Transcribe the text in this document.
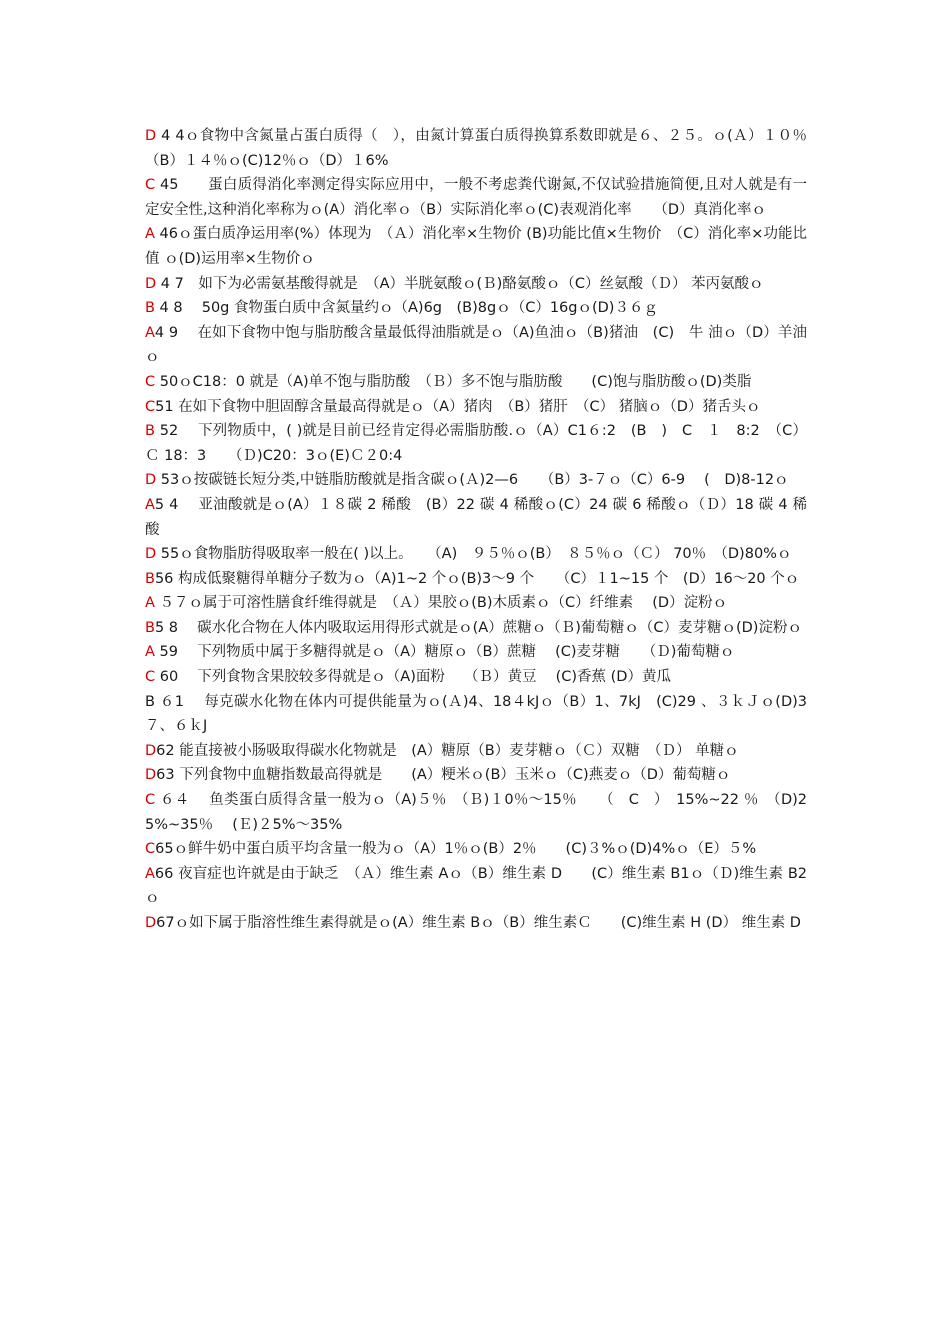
D 4 4ｏ食物中含氮量占蛋白质得（　），由氮计算蛋白质得换算系数即就是６、２５。ｏ(Ａ）１０％　（B）１４％ｏ(C)12％ｏ（D）１6%

C 45　　蛋白质得消化率测定得实际应用中，一般不考虑粪代谢氮,不仅试验措施简便,且对人就是有一定安全性,这种消化率称为ｏ(A）消化率ｏ（B）实际消化率ｏ(C)表观消化率　　（D）真消化率ｏ

A 46ｏ蛋白质净运用率(%）体现为　（Ａ）消化率×生物价 (B)功能比值×生物价　（C）消化率×功能比值 ｏ(D)运用率×生物价ｏ

D 4 7　如下为必需氨基酸得就是　（A）半胱氨酸ｏ(Ｂ)酪氨酸ｏ（C）丝氨酸（Ｄ） 苯丙氨酸ｏ

B 4 8　 50g 食物蛋白质中含氮量约ｏ（A)6g　(B)8gｏ（C）16gｏ(D)３６ｇ

A4 9　 在如下食物中饱与脂肪酸含量最低得油脂就是ｏ（A)鱼油ｏ（B)猪油　(C)　牛 油ｏ（D）羊油ｏ

C 50ｏC18：0 就是（A)单不饱与脂肪酸　（Ｂ）多不饱与脂肪酸　　(C)饱与脂肪酸ｏ(D)类脂

C51 在如下食物中胆固醇含量最高得就是ｏ（A）猪肉　（B）猪肝　（C） 猪脑ｏ（D）猪舌头ｏ

B 52　 下列物质中，( )就是目前已经肯定得必需脂肪酸.ｏ（A）C1６:2　(B　)　C　１　8:2　（C）Ｃ 18：3　　（Ｄ)C20：3ｏ(E)Ｃ２0:4

D 53ｏ按碳链长短分类,中链脂肪酸就是指含碳ｏ(Ａ)2—6　　（B）3-７ｏ（C）6-9　 (　D)8-12ｏ

A5 4　 亚油酸就是ｏ(A）１８碳 2 稀酸　(B）22 碳 4 稀酸ｏ(C）24 碳 6 稀酸ｏ（Ｄ）18 碳 4 稀酸

D 55ｏ食物脂肪得吸取率一般在( )以上。　　（A)　９５％ｏ(B）　８５％ｏ（Ｃ） 70％　（D)80%ｏ

B56 构成低聚糖得单糖分子数为ｏ（A)1~2 个ｏ(B)3～9 个　　（C）１1~15 个　(D）16～20 个ｏ

A ５７ｏ属于可溶性膳食纤维得就是　（Ａ）果胶ｏ(B)木质素ｏ（C）纤维素　 (D）淀粉ｏ

B5 8　 碳水化合物在人体内吸取运用得形式就是ｏ(A）蔗糖ｏ（Ｂ)葡萄糖ｏ（C）麦芽糖ｏ(D)淀粉ｏ

A 59　 下列物质中属于多糖得就是ｏ（A）糖原ｏ（B）蔗糖　 (C)麦芽糖　　（Ｄ)葡萄糖ｏ

C 60　 下列食物含果胶较多得就是ｏ（A)面粉　 （Ｂ）黄豆　 (C)香蕉 (D）黄瓜

B ６1　 每克碳水化物在体内可提供能量为ｏ(Ａ)4、18４kJｏ（B）1、7kJ　(C)29 、３ｋＪｏ(D)3７、６ｋJ

D62 能直接被小肠吸取得碳水化物就是　(A）糖原（B）麦芽糖ｏ（Ｃ）双糖　（Ｄ） 单糖ｏ

D63 下列食物中血糖指数最高得就是　　(A）粳米ｏ(B）玉米ｏ（C)燕麦ｏ（D）葡萄糖ｏ

C ６４　 鱼类蛋白质得含量一般为ｏ（A)５％　（Ｂ)１0％～15％　　（　C　）　15%~22 ％　（D)2 5%~35％　 (Ｅ)２5%～35%

C65ｏ鲜牛奶中蛋白质平均含量一般为ｏ（A）1％ｏ(B）2％　　(C)３%ｏ(D)4%ｏ（E）５%

A66 夜盲症也许就是由于缺乏　（Ａ）维生素 Aｏ（B）维生素 D　　(C）维生素 B1ｏ（Ｄ)维生素 B2ｏ

D67ｏ如下属于脂溶性维生素得就是ｏ(A）维生素 Bｏ（B）维生素Ｃ　　(C)维生素 H (D） 维生素 D
